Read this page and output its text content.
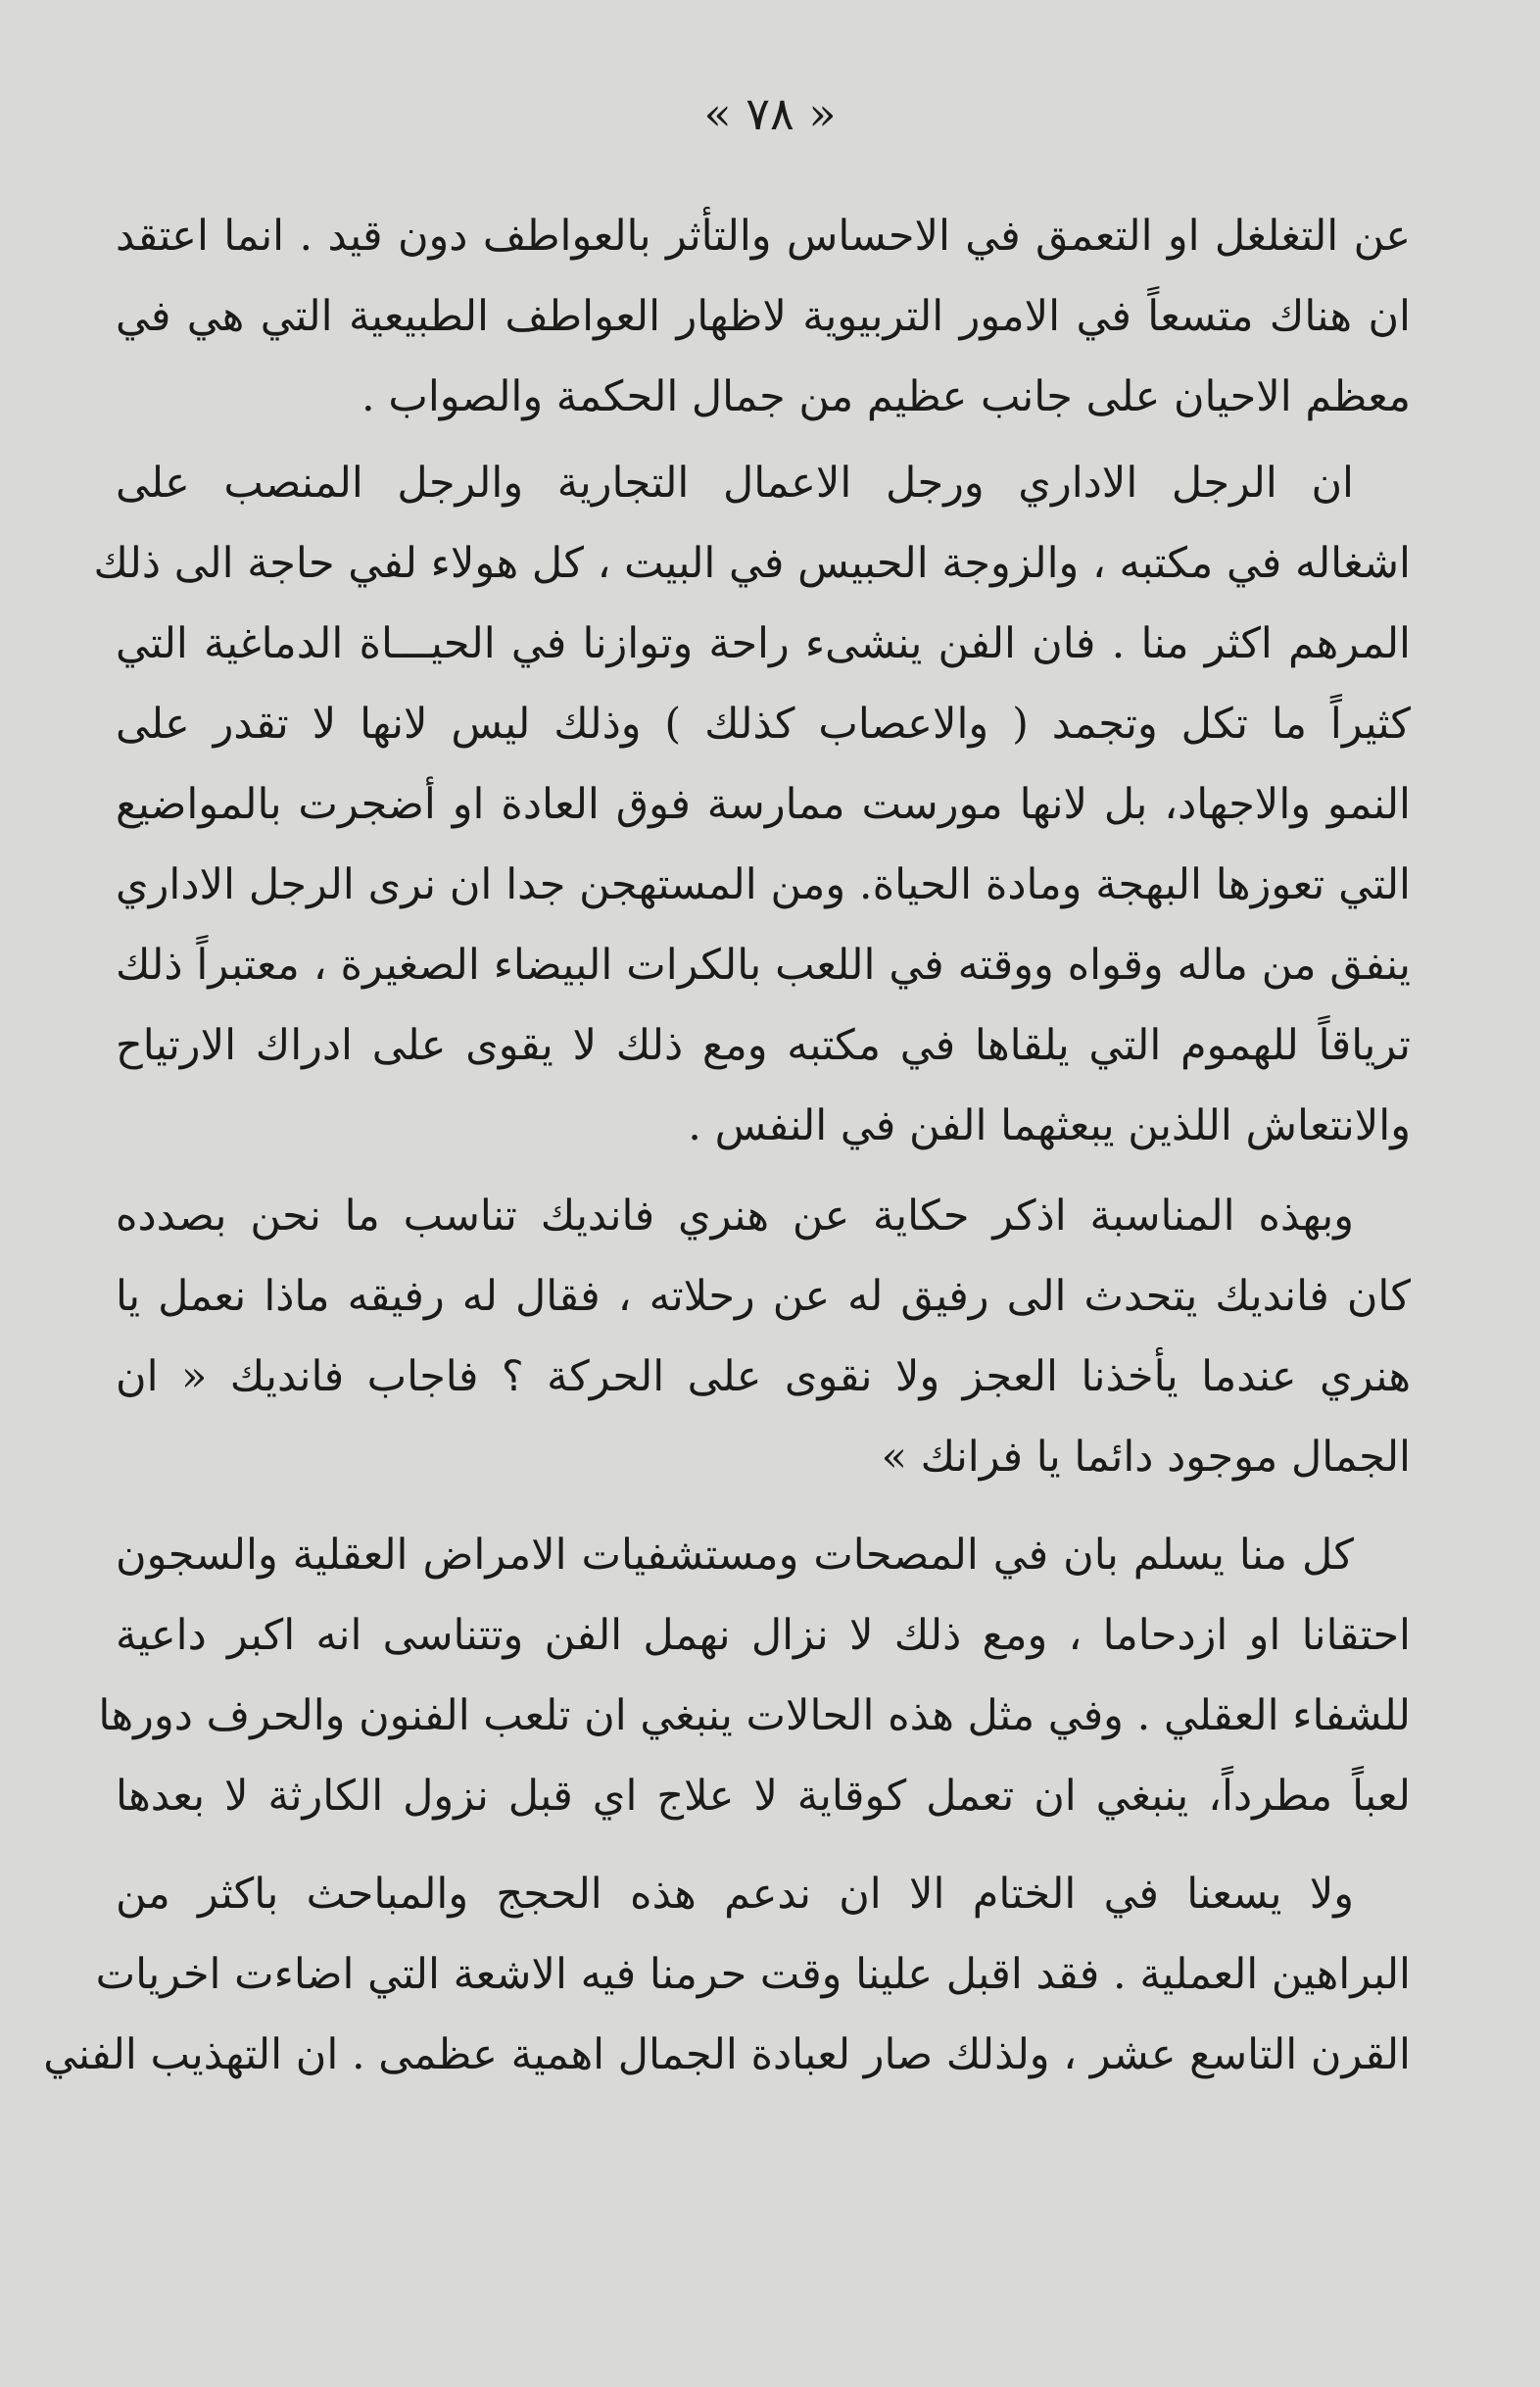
« ٧٨ »

عن التغلغل او التعمق في الاحساس والتأثر بالعواطف دون قيد . انما اعتقد
ان هناك متسعاً في الامور التربيوية لاظهار العواطف الطبيعية التي هي في
معظم الاحيان على جانب عظيم من جمال الحكمة والصواب .

ان الرجل الاداري ورجل الاعمال التجارية والرجل المنصب على
اشغاله في مكتبه ، والزوجة الحبيس في البيت ، كل هولاء لفي حاجة الى ذلك
المرهم اكثر منا . فان الفن ينشىء راحة وتوازنا في الحيـــاة الدماغية التي
كثيراً ما تكل وتجمد ( والاعصاب كذلك ) وذلك ليس لانها لا تقدر على
النمو والاجهاد، بل لانها مورست ممارسة فوق العادة او أضجرت بالمواضيع
التي تعوزها البهجة ومادة الحياة. ومن المستهجن جدا ان نرى الرجل الاداري
ينفق من ماله وقواه ووقته في اللعب بالكرات البيضاء الصغيرة ، معتبراً ذلك
ترياقاً للهموم التي يلقاها في مكتبه ومع ذلك لا يقوى على ادراك الارتياح
والانتعاش اللذين يبعثهما الفن في النفس .

وبهذه المناسبة اذكر حكاية عن هنري فانديك تناسب ما نحن بصدده
كان فانديك يتحدث الى رفيق له عن رحلاته ، فقال له رفيقه ماذا نعمل يا
هنري عندما يأخذنا العجز ولا نقوى على الحركة ؟ فاجاب فانديك « ان
الجمال موجود دائما يا فرانك »

كل منا يسلم بان في المصحات ومستشفيات الامراض العقلية والسجون
احتقانا او ازدحاما ، ومع ذلك لا نزال نهمل الفن وتتناسى انه اكبر داعية
للشفاء العقلي . وفي مثل هذه الحالات ينبغي ان تلعب الفنون والحرف دورها
لعباً مطرداً، ينبغي ان تعمل كوقاية لا علاج اي قبل نزول الكارثة لا بعدها

ولا يسعنا في الختام الا ان ندعم هذه الحجج والمباحث باكثر من
البراهين العملية . فقد اقبل علينا وقت حرمنا فيه الاشعة التي اضاءت اخريات
القرن التاسع عشر ، ولذلك صار لعبادة الجمال اهمية عظمى . ان التهذيب الفني
